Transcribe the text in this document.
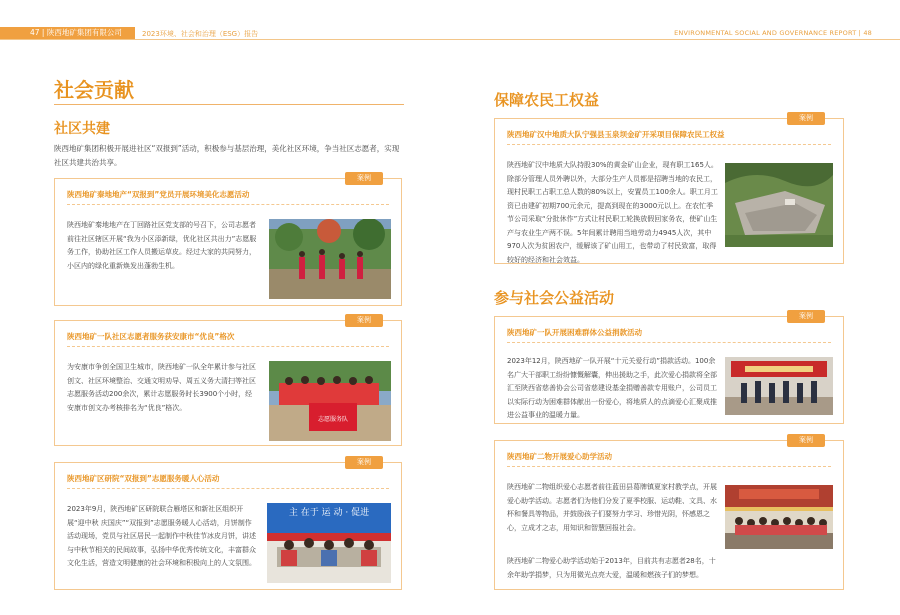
47 | 陕西地矿集团有限公司	2023环境、社会和治理（ESG）报告	ENVIRONMENTAL SOCIAL AND GOVERNANCE REPORT | 48
社会贡献
社区共建
陕西地矿集团积极开展进社区“双报到”活动，积极参与基层治理，美化社区环境，争当社区志愿者，实现社区共建共治共享。
案例
陕西地矿秦地地产“双报到”党员开展环境美化志愿活动
陕西地矿秦地地产在丁回路社区党支部的号召下，公司志愿者前往社区辖区开展“我为小区添新绿，优化社区共出力”志愿服务工作，协助社区工作人员搬运草皮。经过大家的共同努力，小区内的绿化重新焕发出蓬勃生机。
案例
陕西地矿一队社区志愿者服务获安康市“优良”格次
为安康市争创全国卫生城市，陕西地矿一队全年累计参与社区创文、社区环境整治、交通文明劝导、周五义务大清扫等社区志愿服务活动200余次，累计志愿服务时长3900个小时，经安康市创文办考核排名为“优良”格次。
志愿服务队
案例
陕西地矿区研院“双报到”志愿服务暖人心活动
2023年9月，陕西地矿区研院联合雁塔区和新社区组织开展“迎中秋 庆国庆”“双报到”志愿服务暖人心活动，月饼制作活动现场，党员与社区居民一起制作中秋佳节冰皮月饼，讲述与中秋节相关的民间故事，弘扬中华优秀传统文化，丰富群众文化生活，营造文明健康的社会环境和积极向上的人文氛围。
主 在于 运 动 · 促进
保障农民工权益
案例
陕西地矿汉中地质大队宁强县玉泉坝金矿开采项目保障农民工权益
陕西地矿汉中地质大队持股30%的黄金矿山企业，现有职工165人。除部分管理人员外聘以外，大部分生产人员都是招聘当地的农民工，现村民职工占职工总人数的80%以上，安置员工100余人。职工月工资已由建矿初期700元余元，提高到现在的3000元以上。在农忙季节公司采取“分批休作”方式让村民职工轮换放假回家务农，使矿山生产与农业生产两不误。5年间累计聘用当地劳动力4945人次，其中970人次为贫困农户，缓解该了矿山用工，也带动了村民致富，取得较好的经济和社会效益。
参与社会公益活动
案例
陕西地矿一队开展困难群体公益捐款活动
2023年12月，陕西地矿一队开展“十元关爱行动”捐款活动。100余名广大干部职工纷纷慷慨解囊，伸出援助之手，此次爱心捐款将全部汇至陕西省慈善协会公司省慈建设基金捐赠善款专用账户，公司员工以实际行动为困难群体献出一份爱心，将地质人的点滴爱心汇聚成推进公益事业的温暖力量。
案例
陕西地矿二物开展爱心助学活动
陕西地矿二物组织爱心志愿者前往蓝田县葛牌镇夏家村教学点，开展爱心助学活动。志愿者们为他们分发了夏季校服、运动鞋、文具、水杯和餐具等物品，并鼓励孩子们要努力学习、珍惜光阴，怀感恩之心，立成才之志，用知识和智慧回报社会。
陕西地矿二物爱心助学活动始于2013年，目前共有志愿者28名，十余年助学捐梦，只为用微光点亮大爱，温暖和燃孩子们的梦想。
